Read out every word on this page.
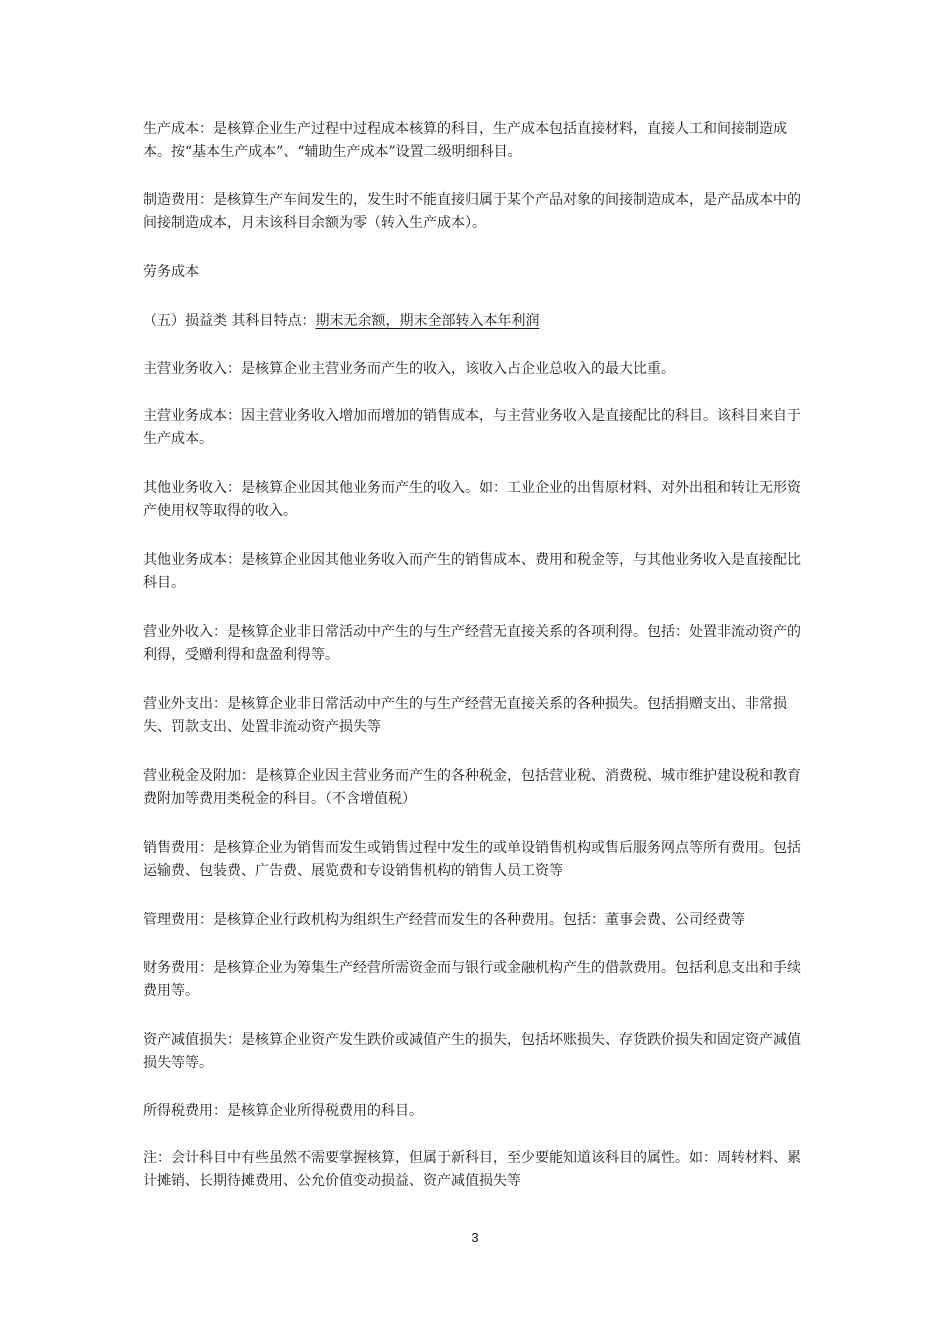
生产成本：是核算企业生产过程中过程成本核算的科目，生产成本包括直接材料，直接人工和间接制造成本。按“基本生产成本”、“辅助生产成本”设置二级明细科目。

制造费用：是核算生产车间发生的，发生时不能直接归属于某个产品对象的间接制造成本，是产品成本中的间接制造成本，月末该科目余额为零（转入生产成本）。

劳务成本

（五）损益类 其科目特点：期末无余额，期末全部转入本年利润

主营业务收入：是核算企业主营业务而产生的收入，该收入占企业总收入的最大比重。

主营业务成本：因主营业务收入增加而增加的销售成本，与主营业务收入是直接配比的科目。该科目来自于生产成本。

其他业务收入：是核算企业因其他业务而产生的收入。如：工业企业的出售原材料、对外出租和转让无形资产使用权等取得的收入。

其他业务成本：是核算企业因其他业务收入而产生的销售成本、费用和税金等，与其他业务收入是直接配比科目。

营业外收入：是核算企业非日常活动中产生的与生产经营无直接关系的各项利得。包括：处置非流动资产的利得，受赠利得和盘盈利得等。

营业外支出：是核算企业非日常活动中产生的与生产经营无直接关系的各种损失。包括捐赠支出、非常损失、罚款支出、处置非流动资产损失等

营业税金及附加：是核算企业因主营业务而产生的各种税金，包括营业税、消费税、城市维护建设税和教育费附加等费用类税金的科目。（不含增值税）

销售费用：是核算企业为销售而发生或销售过程中发生的或单设销售机构或售后服务网点等所有费用。包括运输费、包装费、广告费、展览费和专设销售机构的销售人员工资等

管理费用：是核算企业行政机构为组织生产经营而发生的各种费用。包括：董事会费、公司经费等

财务费用：是核算企业为筹集生产经营所需资金而与银行或金融机构产生的借款费用。包括利息支出和手续费用等。

资产减值损失：是核算企业资产发生跌价或减值产生的损失，包括坏账损失、存货跌价损失和固定资产减值损失等等。

所得税费用：是核算企业所得税费用的科目。

注：会计科目中有些虽然不需要掌握核算，但属于新科目，至少要能知道该科目的属性。如：周转材料、累计摊销、长期待摊费用、公允价值变动损益、资产减值损失等

3
